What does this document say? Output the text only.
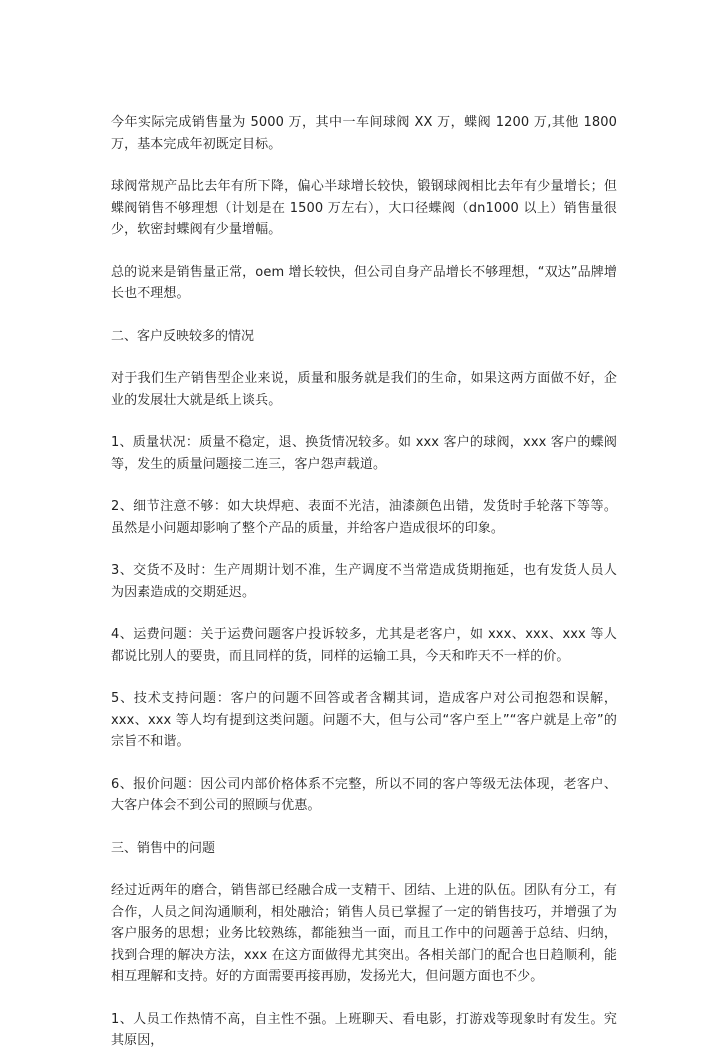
今年实际完成销售量为 5000 万，其中一车间球阀 XX 万，蝶阀 1200 万,其他 1800 万，基本完成年初既定目标。

球阀常规产品比去年有所下降，偏心半球增长较快，锻钢球阀相比去年有少量增长；但蝶阀销售不够理想（计划是在 1500 万左右），大口径蝶阀（dn1000 以上）销售量很少，软密封蝶阀有少量增幅。

总的说来是销售量正常，oem 增长较快，但公司自身产品增长不够理想，“双达”品牌增长也不理想。

二、客户反映较多的情况

对于我们生产销售型企业来说，质量和服务就是我们的生命，如果这两方面做不好，企业的发展壮大就是纸上谈兵。

1、质量状况：质量不稳定，退、换货情况较多。如 xxx 客户的球阀，xxx 客户的蝶阀等，发生的质量问题接二连三，客户怨声载道。

2、细节注意不够：如大块焊疤、表面不光洁，油漆颜色出错，发货时手轮落下等等。虽然是小问题却影响了整个产品的质量，并给客户造成很坏的印象。

3、交货不及时：生产周期计划不准，生产调度不当常造成货期拖延，也有发货人员人为因素造成的交期延迟。

4、运费问题：关于运费问题客户投诉较多，尤其是老客户，如 xxx、xxx、xxx 等人都说比别人的要贵，而且同样的货，同样的运输工具，今天和昨天不一样的价。

5、技术支持问题：客户的问题不回答或者含糊其词，造成客户对公司抱怨和误解，xxx、xxx 等人均有提到这类问题。问题不大，但与公司“客户至上”“客户就是上帝”的宗旨不和谐。

6、报价问题：因公司内部价格体系不完整，所以不同的客户等级无法体现，老客户、大客户体会不到公司的照顾与优惠。

三、销售中的问题

经过近两年的磨合，销售部已经融合成一支精干、团结、上进的队伍。团队有分工，有合作，人员之间沟通顺利，相处融洽；销售人员已掌握了一定的销售技巧，并增强了为客户服务的思想；业务比较熟练，都能独当一面，而且工作中的问题善于总结、归纳，找到合理的解决方法，xxx 在这方面做得尤其突出。各相关部门的配合也日趋顺利，能相互理解和支持。好的方面需要再接再励，发扬光大，但问题方面也不少。

1、人员工作热情不高，自主性不强。上班聊天、看电影，打游戏等现象时有发生。究其原因，
